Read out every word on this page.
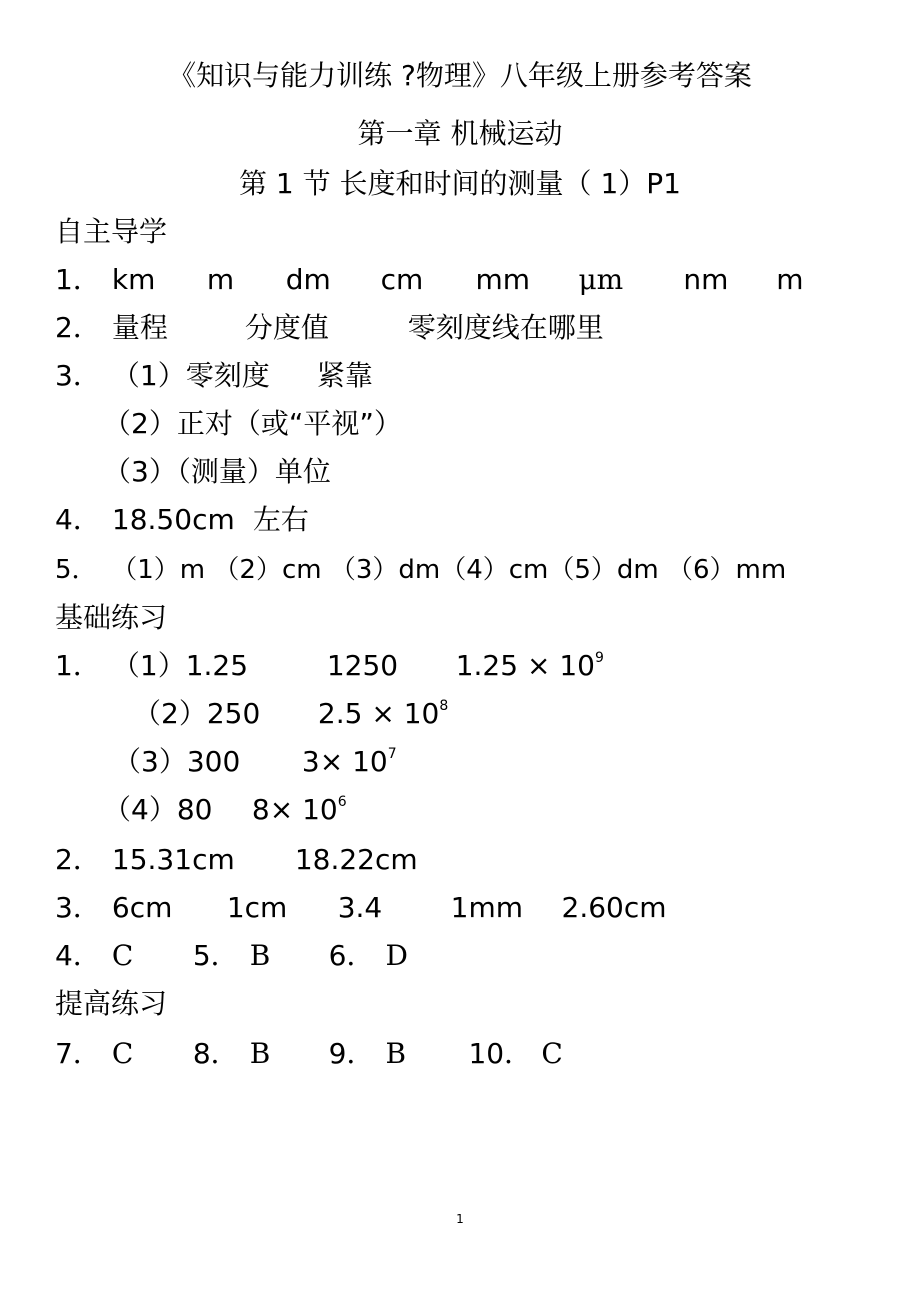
《知识与能力训练 ?物理》八年级上册参考答案
第一章 机械运动
第 1 节 长度和时间的测量（ 1）P1
自主导学
1． km m dm cm mm μm nm m
2． 量程	分度值	零刻度线在哪里
3． （1）零刻度 紧靠
（2）正对（或“平视”）
（3）（测量）单位
4． 18.50cm 左右
5． （1）m （2）cm （3）dm（4）cm（5）dm （6）mm
基础练习
1． （1）1.25	1250 $1.25 \times 10^9$
（2）250 $2.5 \times 10^8$
（3）300 $3\times 10^7$
（4）80 $8\times 10^6$
2． 15.31cm 18.22cm
3． 6cm 1cm 3.4 1mm 2.60cm
4． C 5． B 6． D
提高练习
7． C 8． B 9． B 10． C
1
